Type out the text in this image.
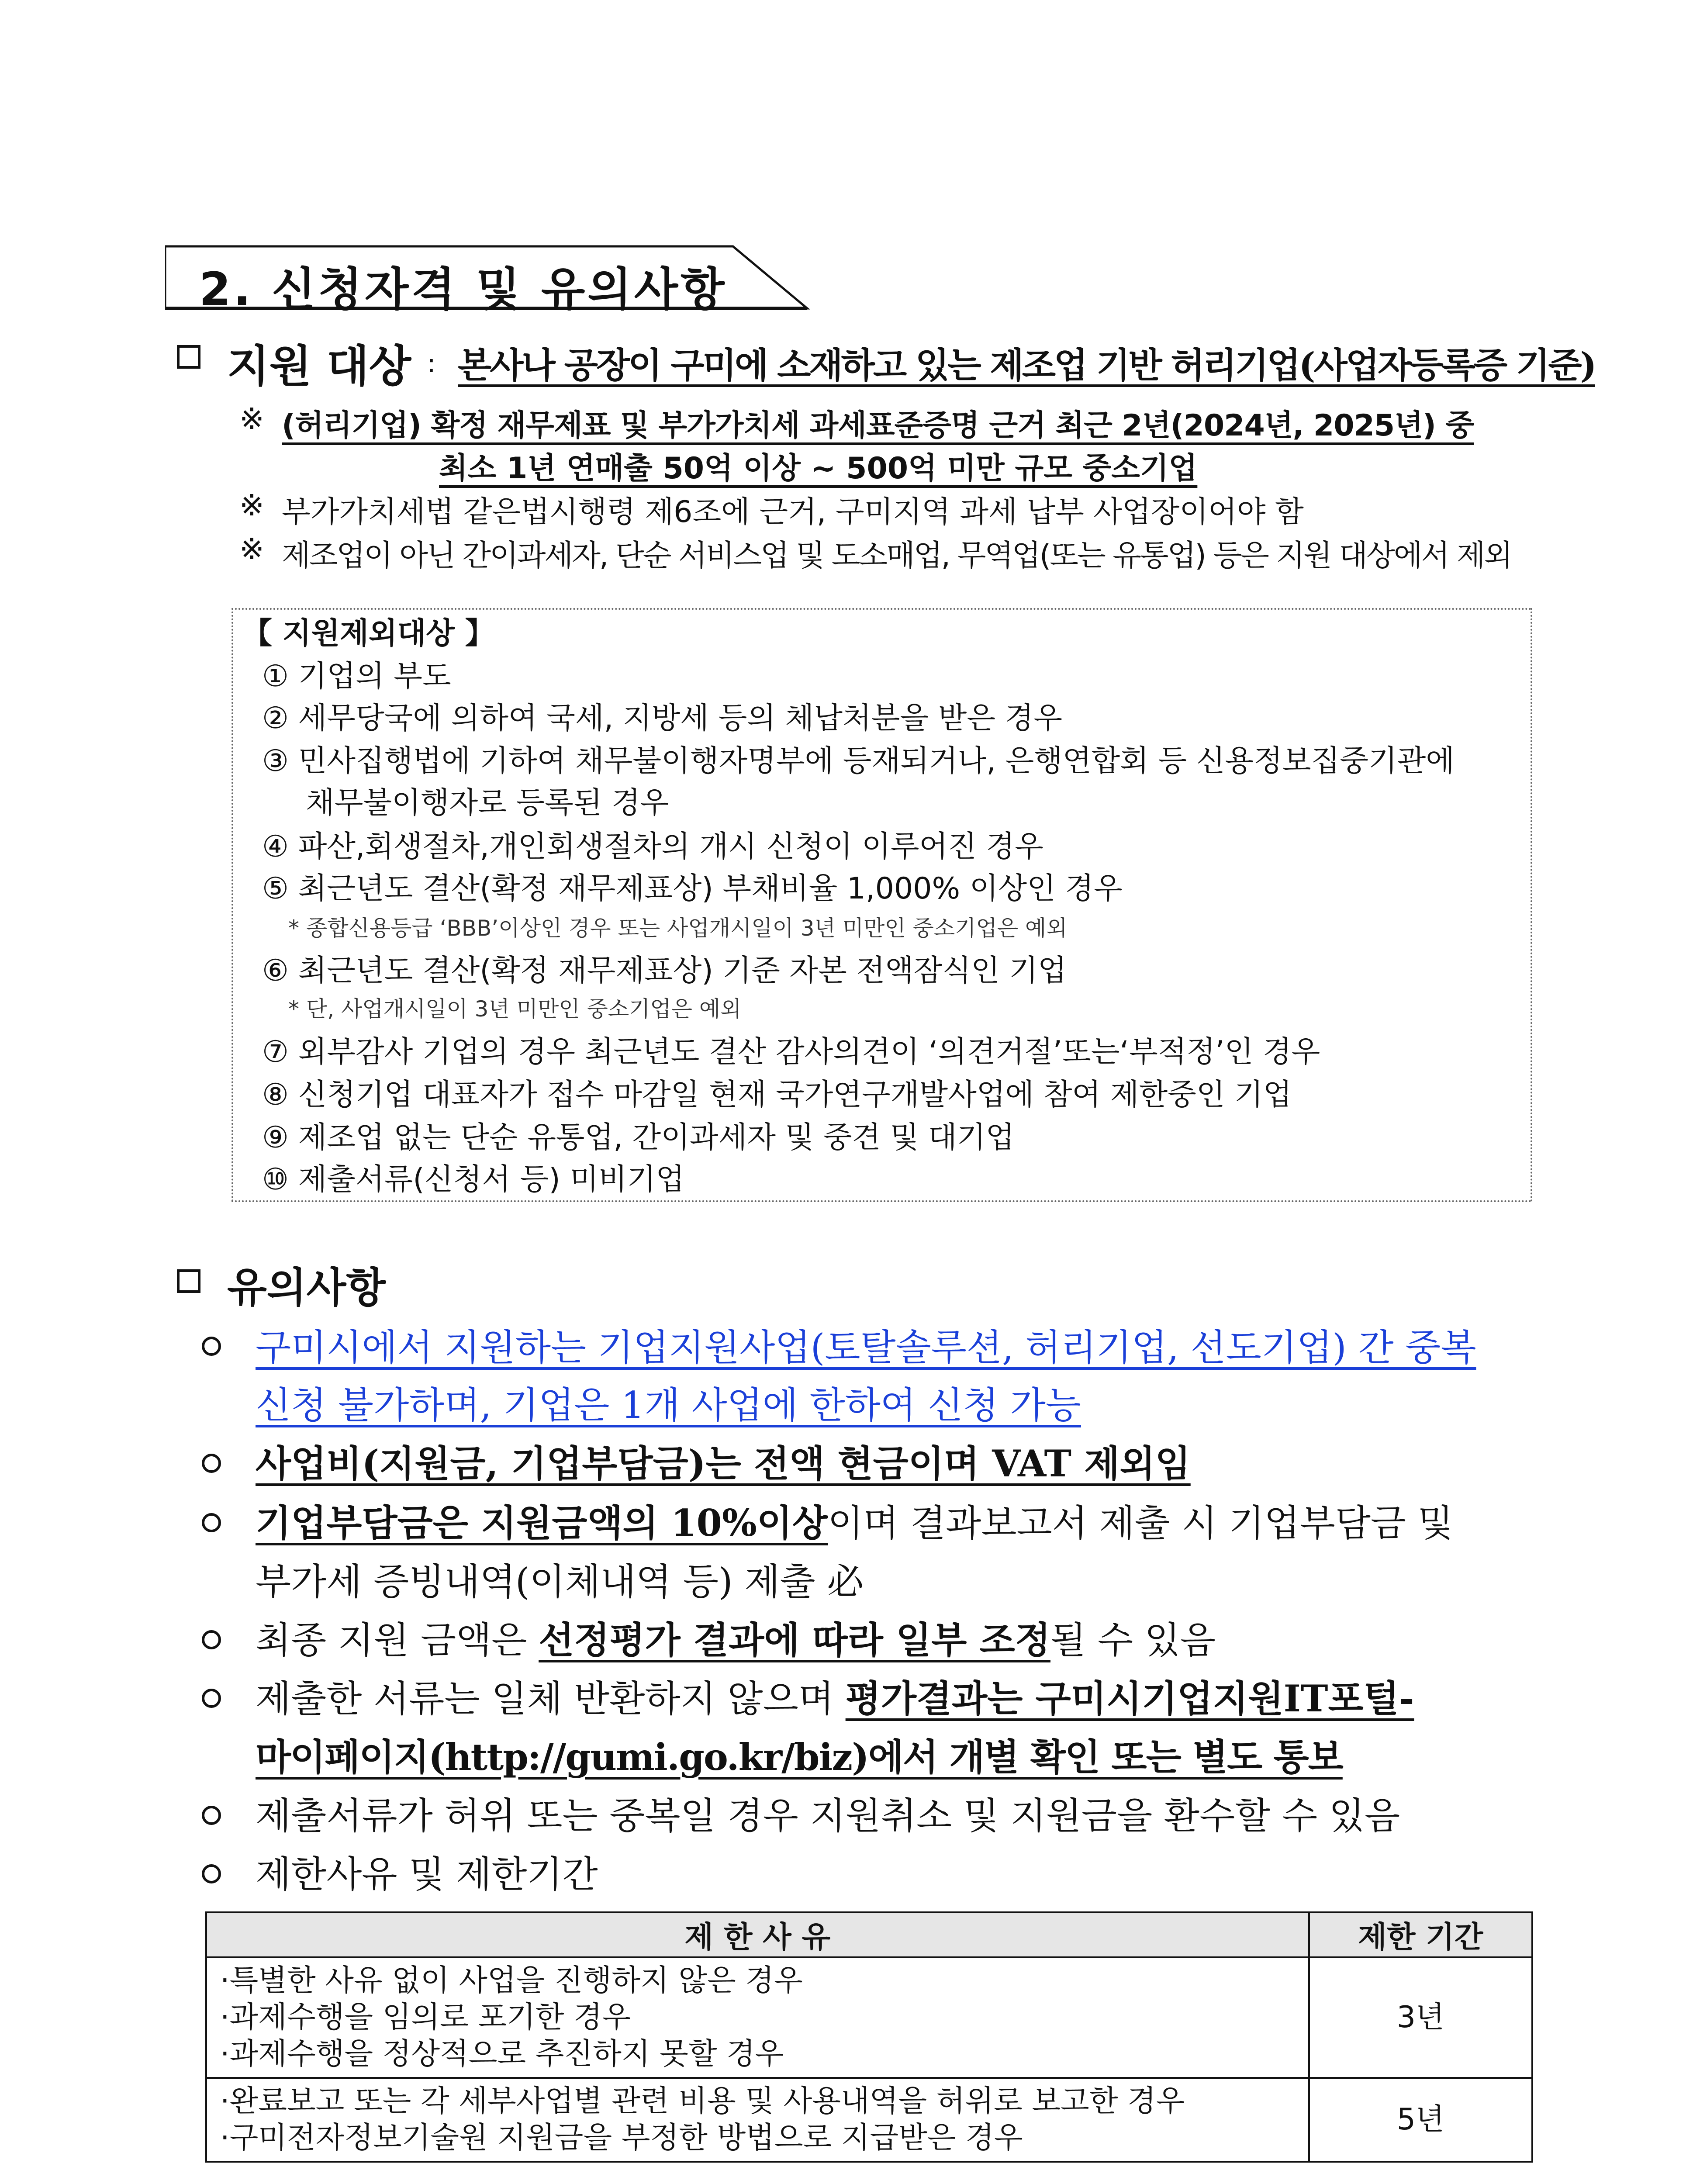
2. 신청자격 및 유의사항
지원 대상 : 본사나 공장이 구미에 소재하고 있는 제조업 기반 허리기업(사업자등록증 기준)
※ (허리기업) 확정 재무제표 및 부가가치세 과세표준증명 근거 최근 2년(2024년, 2025년) 중
최소 1년 연매출 50억 이상 ~ 500억 미만 규모 중소기업
※ 부가가치세법 같은법시행령 제6조에 근거, 구미지역 과세 납부 사업장이어야 함
※ 제조업이 아닌 간이과세자, 단순 서비스업 및 도소매업, 무역업(또는 유통업) 등은 지원 대상에서 제외
【 지원제외대상 】
① 기업의 부도
② 세무당국에 의하여 국세, 지방세 등의 체납처분을 받은 경우
③ 민사집행법에 기하여 채무불이행자명부에 등재되거나, 은행연합회 등 신용정보집중기관에
채무불이행자로 등록된 경우
④ 파산,회생절차,개인회생절차의 개시 신청이 이루어진 경우
⑤ 최근년도 결산(확정 재무제표상) 부채비율 1,000% 이상인 경우
* 종합신용등급 ‘BBB’이상인 경우 또는 사업개시일이 3년 미만인 중소기업은 예외
⑥ 최근년도 결산(확정 재무제표상) 기준 자본 전액잠식인 기업
* 단, 사업개시일이 3년 미만인 중소기업은 예외
⑦ 외부감사 기업의 경우 최근년도 결산 감사의견이 ‘의견거절’또는‘부적정’인 경우
⑧ 신청기업 대표자가 접수 마감일 현재 국가연구개발사업에 참여 제한중인 기업
⑨ 제조업 없는 단순 유통업, 간이과세자 및 중견 및 대기업
⑩ 제출서류(신청서 등) 미비기업
유의사항
구미시에서 지원하는 기업지원사업(토탈솔루션, 허리기업, 선도기업) 간 중복
신청 불가하며, 기업은 1개 사업에 한하여 신청 가능
사업비(지원금, 기업부담금)는 전액 현금이며 VAT 제외임
기업부담금은 지원금액의 10%이상이며 결과보고서 제출 시 기업부담금 및
부가세 증빙내역(이체내역 등) 제출 必
최종 지원 금액은 선정평가 결과에 따라 일부 조정될 수 있음
제출한 서류는 일체 반환하지 않으며 평가결과는 구미시기업지원IT포털-
마이페이지(http://gumi.go.kr/biz)에서 개별 확인 또는 별도 통보
제출서류가 허위 또는 중복일 경우 지원취소 및 지원금을 환수할 수 있음
제한사유 및 제한기간
제 한 사 유	제한 기간

·특별한 사유 없이 사업을 진행하지 않은 경우
·과제수행을 임의로 포기한 경우
·과제수행을 정상적으로 추진하지 못할 경우	3년

·완료보고 또는 각 세부사업별 관련 비용 및 사용내역을 허위로 보고한 경우
·구미전자정보기술원 지원금을 부정한 방법으로 지급받은 경우	5년
